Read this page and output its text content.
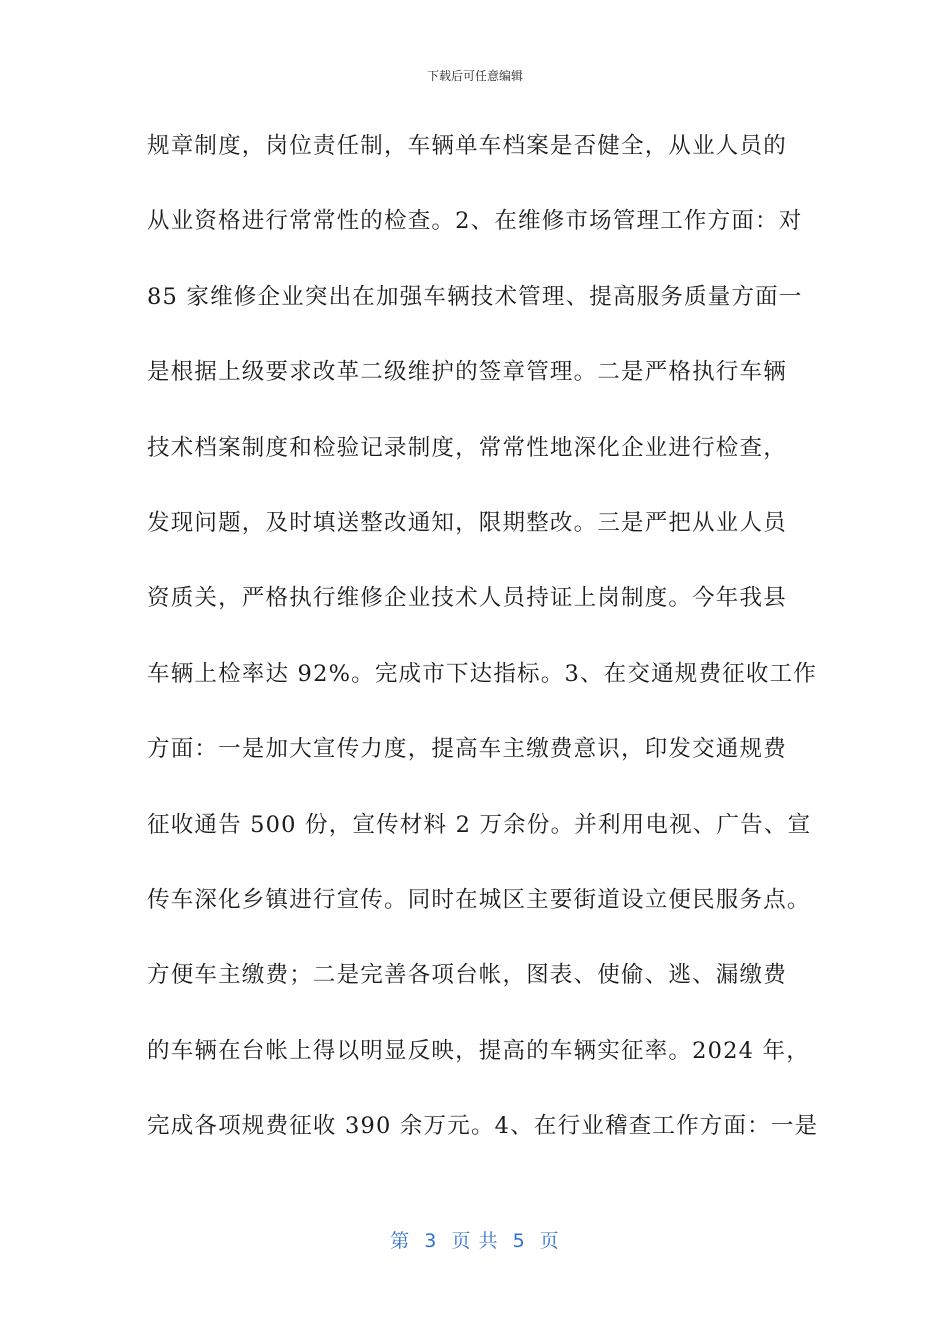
下载后可任意编辑
规章制度，岗位责任制，车辆单车档案是否健全，从业人员的
从业资格进行常常性的检查。2、在维修市场管理工作方面：对
85 家维修企业突出在加强车辆技术管理、提高服务质量方面一
是根据上级要求改革二级维护的签章管理。二是严格执行车辆
技术档案制度和检验记录制度，常常性地深化企业进行检查，
发现问题，及时填送整改通知，限期整改。三是严把从业人员
资质关，严格执行维修企业技术人员持证上岗制度。今年我县
车辆上检率达 92%。完成市下达指标。3、在交通规费征收工作
方面：一是加大宣传力度，提高车主缴费意识，印发交通规费
征收通告 500 份，宣传材料 2 万余份。并利用电视、广告、宣
传车深化乡镇进行宣传。同时在城区主要街道设立便民服务点。
方便车主缴费；二是完善各项台帐，图表、使偷、逃、漏缴费
的车辆在台帐上得以明显反映，提高的车辆实征率。2024 年，
完成各项规费征收 390 余万元。4、在行业稽查工作方面：一是
第  3  页 共  5  页
